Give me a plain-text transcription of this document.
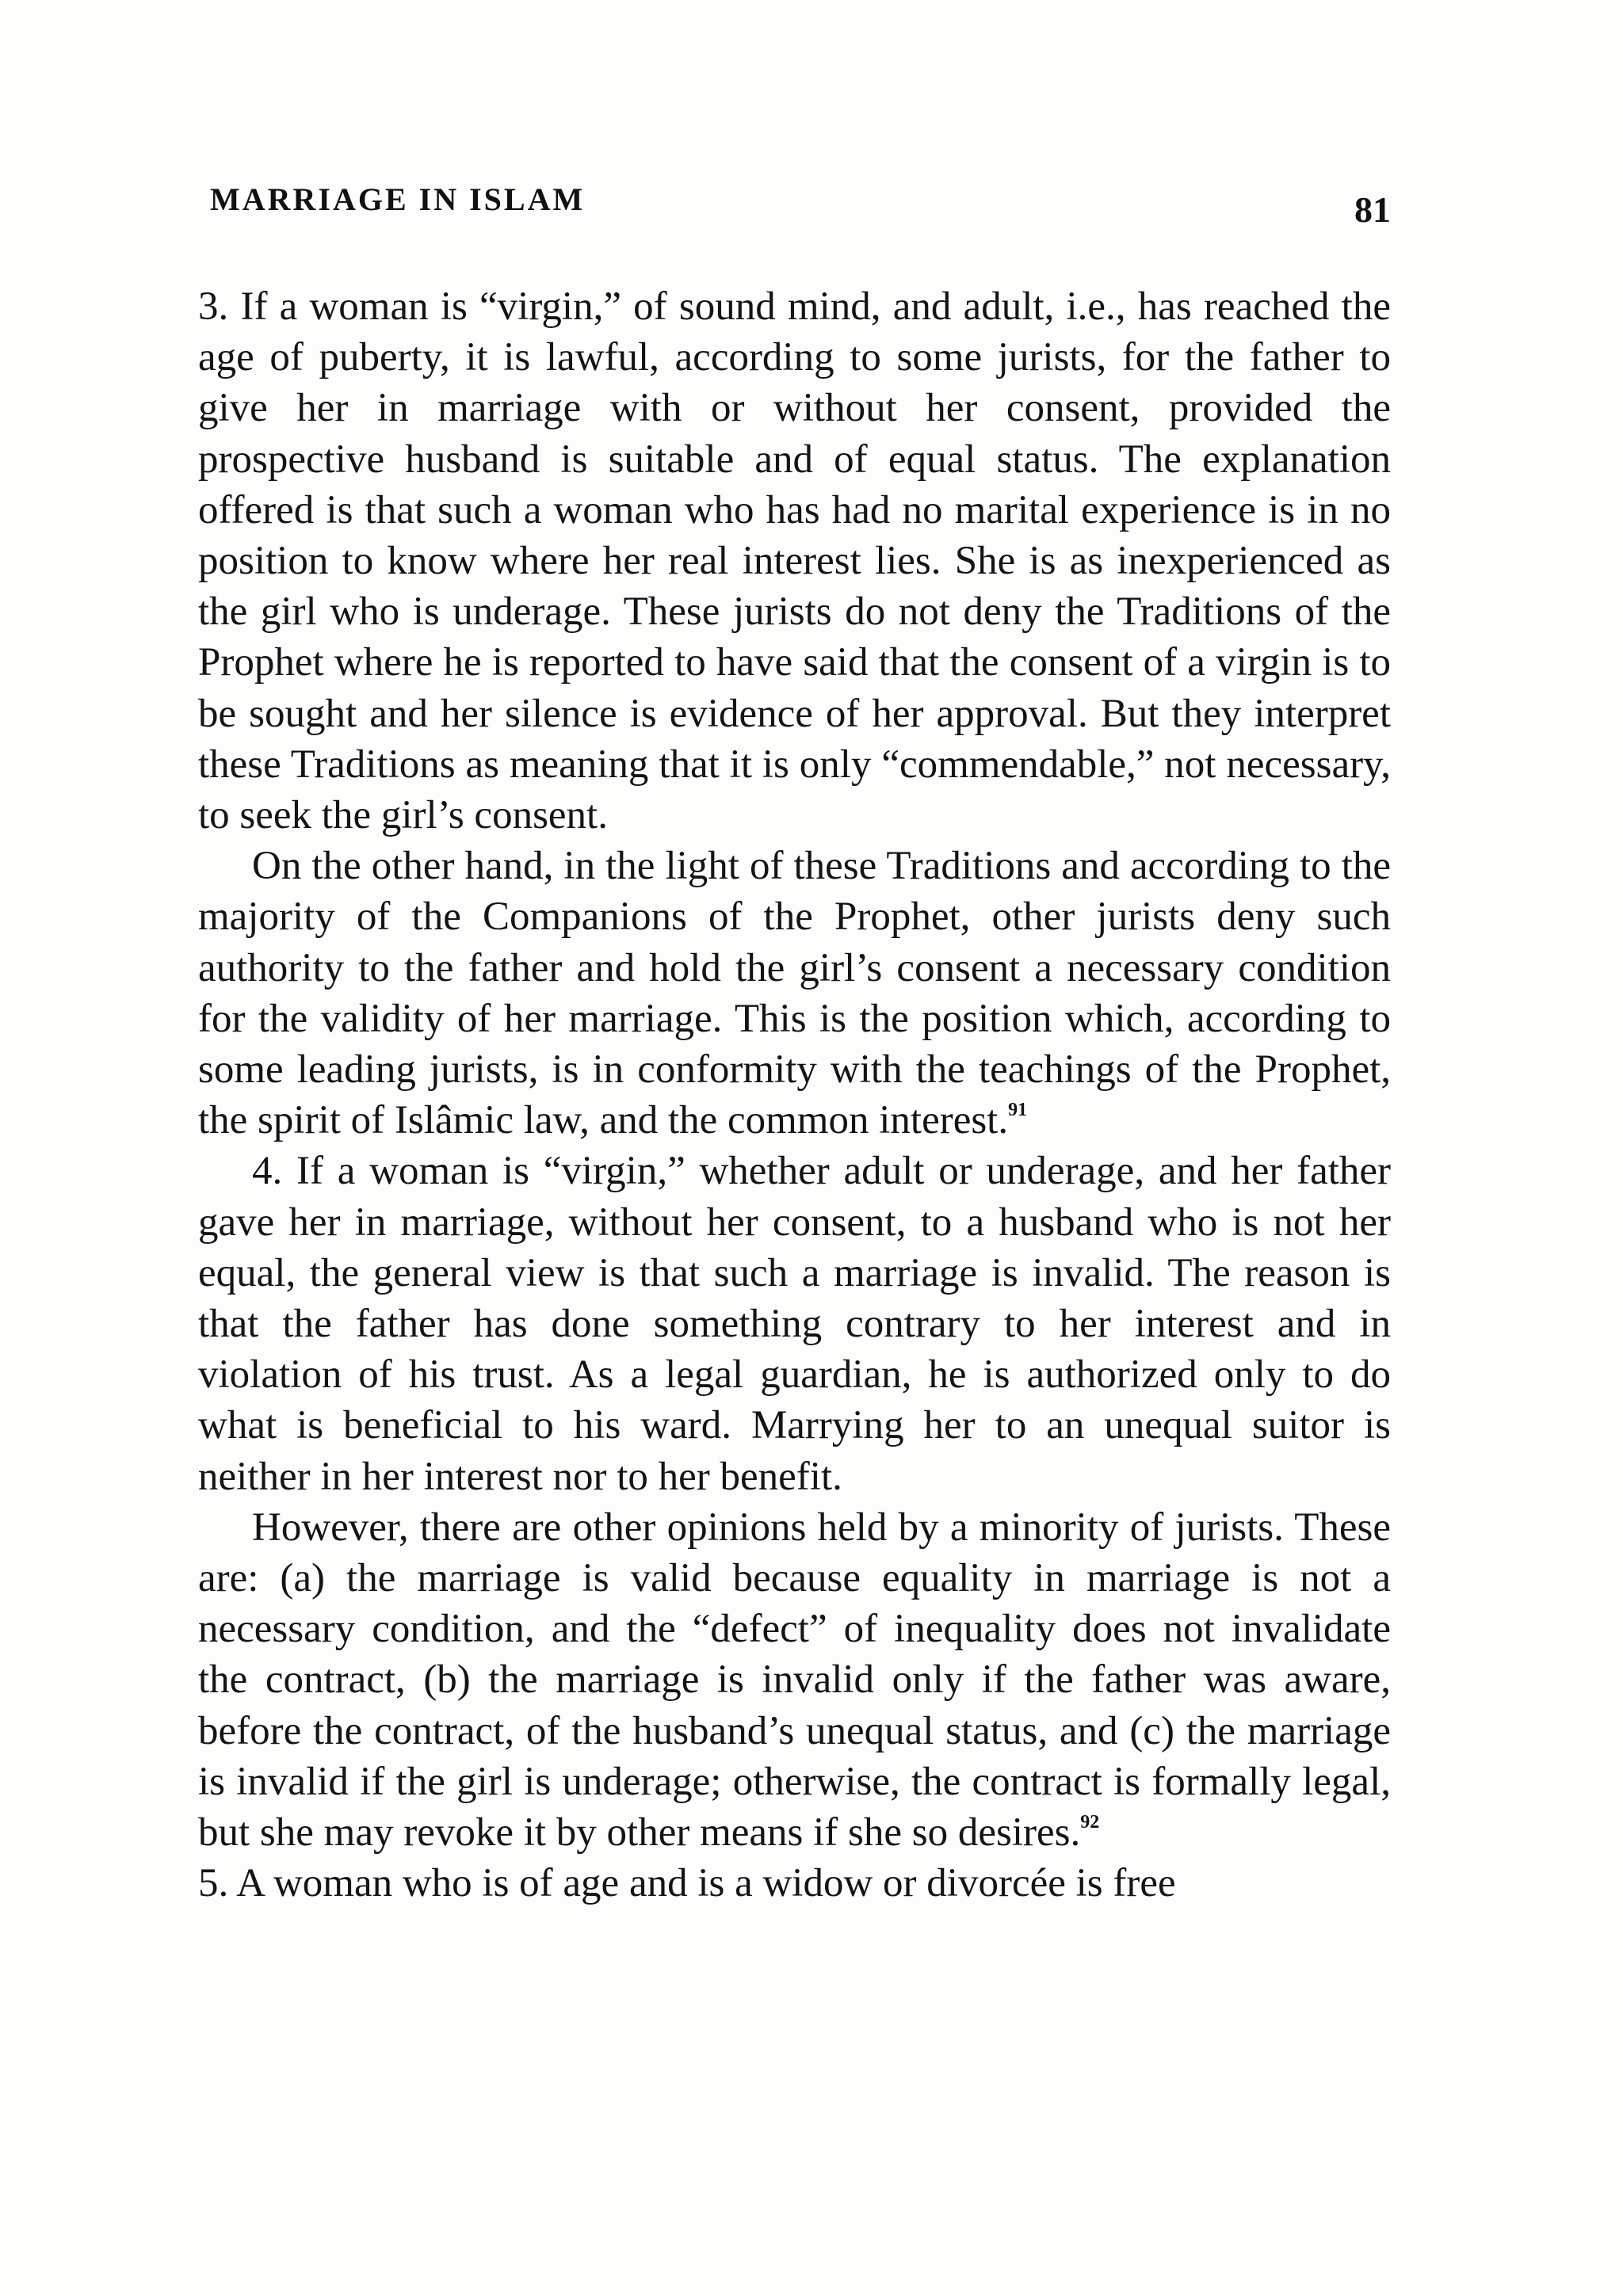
MARRIAGE IN ISLAM	81

3. If a woman is “virgin,” of sound mind, and adult, i.e., has reached the age of puberty, it is lawful, according to some jurists, for the father to give her in marriage with or without her consent, provided the prospective husband is suitable and of equal status. The explanation offered is that such a woman who has had no marital experience is in no position to know where her real interest lies. She is as inexperienced as the girl who is underage. These jurists do not deny the Traditions of the Prophet where he is reported to have said that the consent of a virgin is to be sought and her silence is evidence of her approval. But they interpret these Traditions as meaning that it is only “commendable,” not necessary, to seek the girl’s consent.

On the other hand, in the light of these Traditions and according to the majority of the Companions of the Prophet, other jurists deny such authority to the father and hold the girl’s consent a necessary condition for the validity of her marriage. This is the position which, according to some leading jurists, is in conformity with the teachings of the Prophet, the spirit of Islâmic law, and the common interest.$^{91}$

4. If a woman is “virgin,” whether adult or underage, and her father gave her in marriage, without her consent, to a husband who is not her equal, the general view is that such a marriage is invalid. The reason is that the father has done something contrary to her interest and in violation of his trust. As a legal guardian, he is authorized only to do what is beneficial to his ward. Marrying her to an unequal suitor is neither in her interest nor to her benefit.

However, there are other opinions held by a minority of jurists. These are: (a) the marriage is valid because equality in marriage is not a necessary condition, and the “defect” of inequality does not invalidate the contract, (b) the marriage is invalid only if the father was aware, before the contract, of the husband’s unequal status, and (c) the marriage is invalid if the girl is underage; otherwise, the contract is formally legal, but she may revoke it by other means if she so desires.$^{92}$

5. A woman who is of age and is a widow or divorcée is free
